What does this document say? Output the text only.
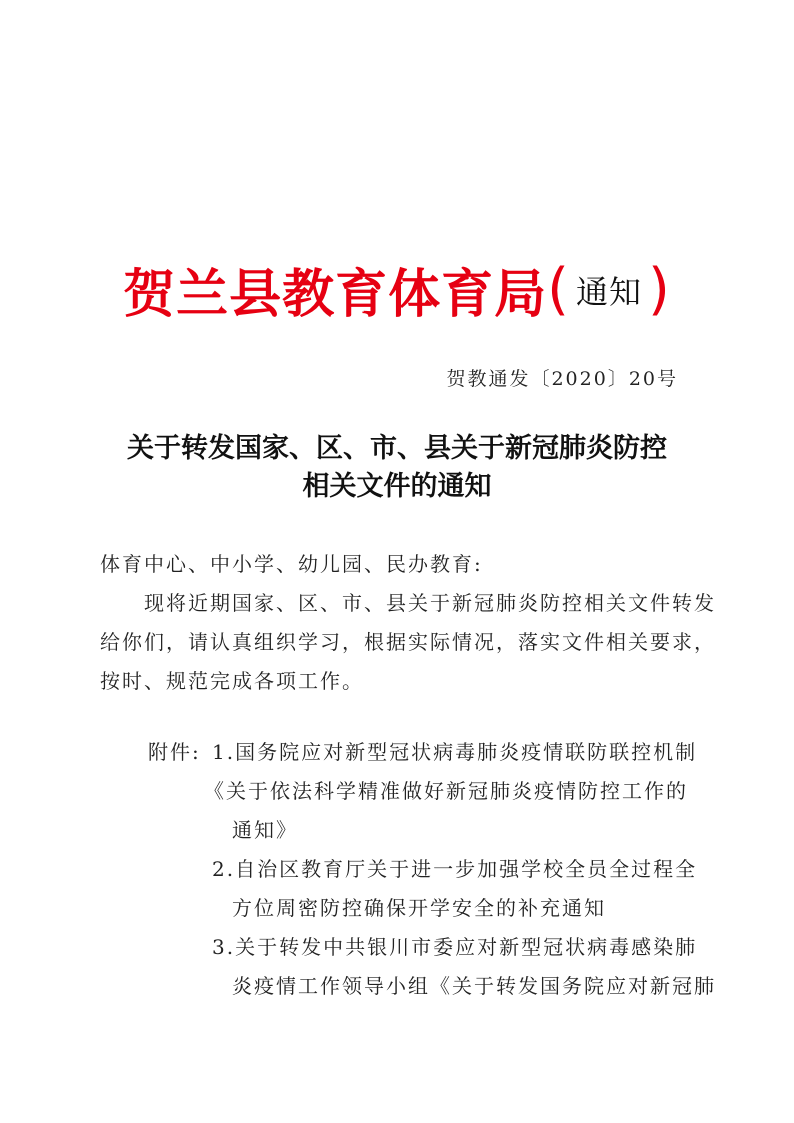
贺兰县教育体育局( 通知 )
贺教通发〔2020〕20号
关于转发国家、区、市、县关于新冠肺炎防控
相关文件的通知

体育中心、中小学、幼儿园、民办教育:

现将近期国家、区、市、县关于新冠肺炎防控相关文件转发

给你们，请认真组织学习，根据实际情况，落实文件相关要求，

按时、规范完成各项工作。

附件: 1.国务院应对新型冠状病毒肺炎疫情联防联控机制
《关于依法科学精准做好新冠肺炎疫情防控工作的
通知》
2.自治区教育厅关于进一步加强学校全员全过程全
方位周密防控确保开学安全的补充通知
3.关于转发中共银川市委应对新型冠状病毒感染肺
炎疫情工作领导小组《关于转发国务院应对新冠肺
